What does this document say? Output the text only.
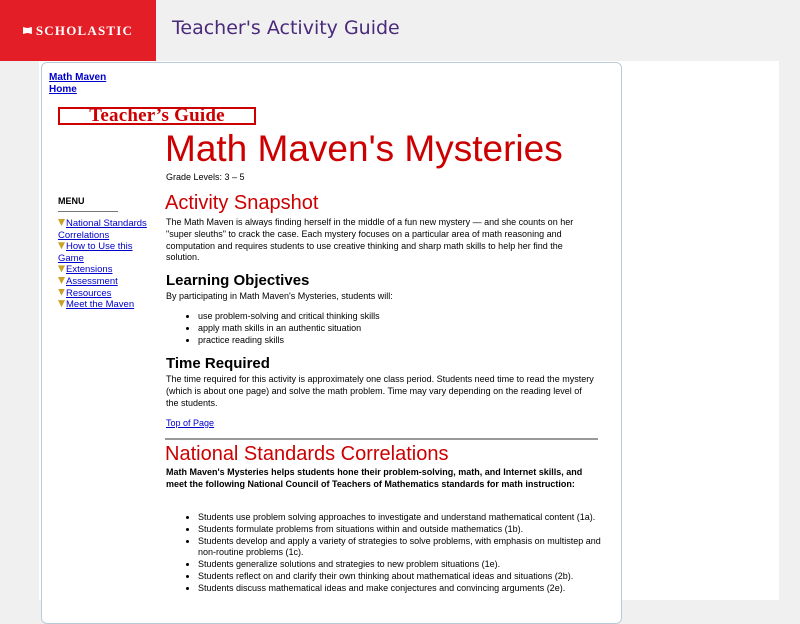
SCHOLASTIC Teacher's Activity Guide
Math Maven
Home
Teacher’s Guide
Math Maven's Mysteries
Grade Levels: 3 – 5
MENU
National Standards
Correlations
How to Use this
Game
Extensions
Assessment
Resources
Meet the Maven
Activity Snapshot
The Math Maven is always finding herself in the middle of a fun new mystery — and she counts on her "super sleuths" to crack the case. Each mystery focuses on a particular area of math reasoning and computation and requires students to use creative thinking and sharp math skills to help her find the solution.
Learning Objectives
By participating in Math Maven's Mysteries, students will:
• use problem-solving and critical thinking skills
• apply math skills in an authentic situation
• practice reading skills
Time Required
The time required for this activity is approximately one class period. Students need time to read the mystery (which is about one page) and solve the math problem. Time may vary depending on the reading level of the students.
Top of Page
National Standards Correlations
Math Maven's Mysteries helps students hone their problem-solving, math, and Internet skills, and meet the following National Council of Teachers of Mathematics standards for math instruction:
• Students use problem solving approaches to investigate and understand mathematical content (1a).
• Students formulate problems from situations within and outside mathematics (1b).
• Students develop and apply a variety of strategies to solve problems, with emphasis on multistep and non-routine problems (1c).
• Students generalize solutions and strategies to new problem situations (1e).
• Students reflect on and clarify their own thinking about mathematical ideas and situations (2b).
• Students discuss mathematical ideas and make conjectures and convincing arguments (2e).
